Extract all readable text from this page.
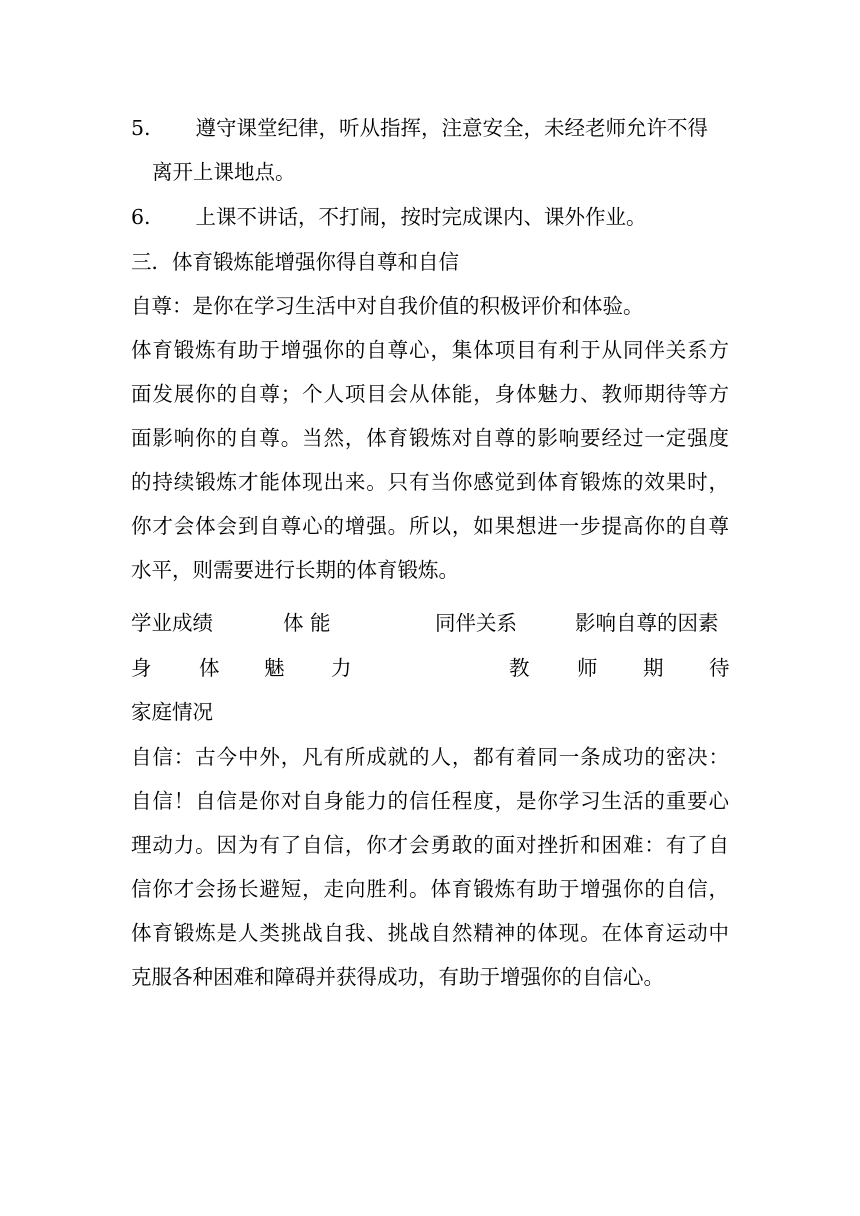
5. 遵守课堂纪律，听从指挥，注意安全，未经老师允许不得
离开上课地点。
6. 上课不讲话，不打闹，按时完成课内、课外作业。
三．体育锻炼能增强你得自尊和自信
自尊：是你在学习生活中对自我价值的积极评价和体验。
体育锻炼有助于增强你的自尊心，集体项目有利于从同伴关系方
面发展你的自尊；个人项目会从体能，身体魅力、教师期待等方
面影响你的自尊。当然，体育锻炼对自尊的影响要经过一定强度
的持续锻炼才能体现出来。只有当你感觉到体育锻炼的效果时，
你才会体会到自尊心的增强。所以，如果想进一步提高你的自尊
水平，则需要进行长期的体育锻炼。
学业成绩	体 能	同伴关系	影响自尊的因素
身 体 魅 力	教 师 期 待
家庭情况
自信：古今中外，凡有所成就的人，都有着同一条成功的密决：
自信！自信是你对自身能力的信任程度，是你学习生活的重要心
理动力。因为有了自信，你才会勇敢的面对挫折和困难：有了自
信你才会扬长避短，走向胜利。体育锻炼有助于增强你的自信，
体育锻炼是人类挑战自我、挑战自然精神的体现。在体育运动中
克服各种困难和障碍并获得成功，有助于增强你的自信心。
